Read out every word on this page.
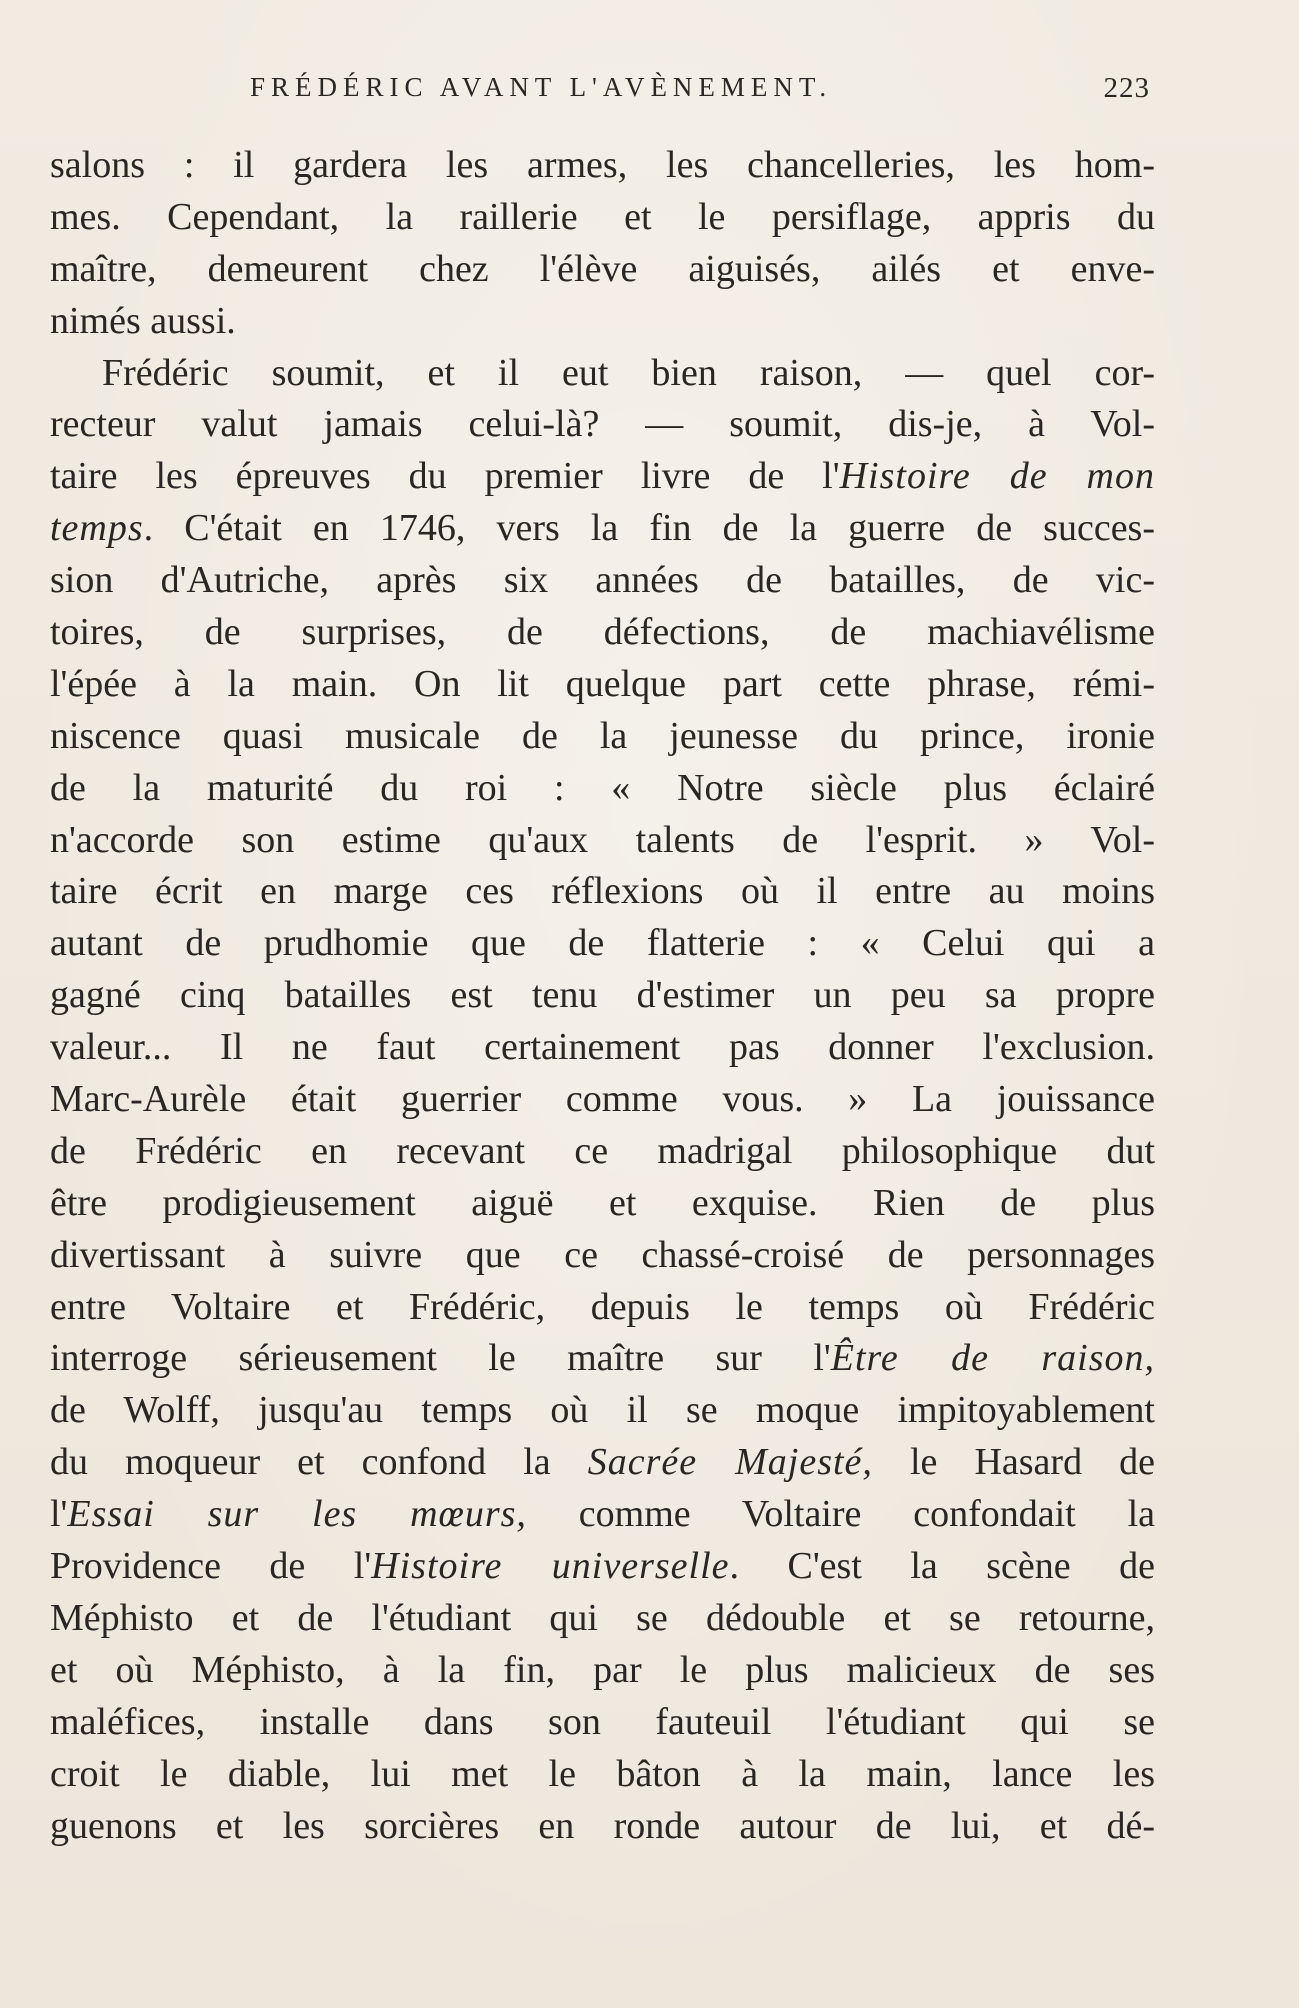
FRÉDÉRIC AVANT L'AVÈNEMENT.	223
salons : il gardera les armes, les chancelleries, les hom-
mes. Cependant, la raillerie et le persiflage, appris du
maître, demeurent chez l'élève aiguisés, ailés et enve-
nimés aussi.
Frédéric soumit, et il eut bien raison, — quel cor-
recteur valut jamais celui-là? — soumit, dis-je, à Vol-
taire les épreuves du premier livre de l'Histoire de mon
temps. C'était en 1746, vers la fin de la guerre de succes-
sion d'Autriche, après six années de batailles, de vic-
toires, de surprises, de défections, de machiavélisme
l'épée à la main. On lit quelque part cette phrase, rémi-
niscence quasi musicale de la jeunesse du prince, ironie
de la maturité du roi : « Notre siècle plus éclairé
n'accorde son estime qu'aux talents de l'esprit. » Vol-
taire écrit en marge ces réflexions où il entre au moins
autant de prudhomie que de flatterie : « Celui qui a
gagné cinq batailles est tenu d'estimer un peu sa propre
valeur... Il ne faut certainement pas donner l'exclusion.
Marc-Aurèle était guerrier comme vous. » La jouissance
de Frédéric en recevant ce madrigal philosophique dut
être prodigieusement aiguë et exquise. Rien de plus
divertissant à suivre que ce chassé-croisé de personnages
entre Voltaire et Frédéric, depuis le temps où Frédéric
interroge sérieusement le maître sur l'Être de raison,
de Wolff, jusqu'au temps où il se moque impitoyablement
du moqueur et confond la Sacrée Majesté, le Hasard de
l'Essai sur les mœurs, comme Voltaire confondait la
Providence de l'Histoire universelle. C'est la scène de
Méphisto et de l'étudiant qui se dédouble et se retourne,
et où Méphisto, à la fin, par le plus malicieux de ses
maléfices, installe dans son fauteuil l'étudiant qui se
croit le diable, lui met le bâton à la main, lance les
guenons et les sorcières en ronde autour de lui, et dé-
